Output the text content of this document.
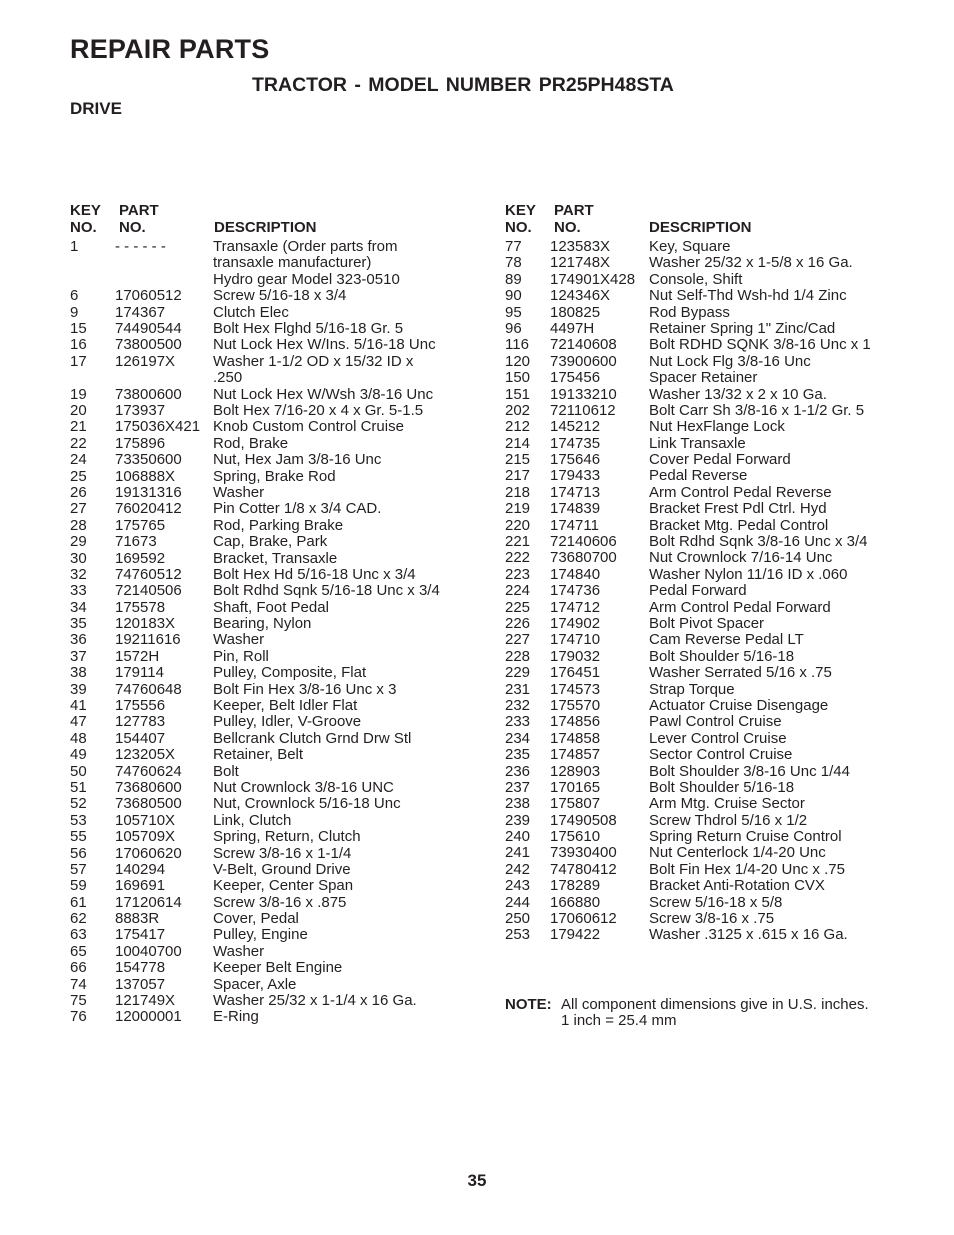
REPAIR PARTS
TRACTOR - MODEL NUMBER PR25PH48STA
DRIVE
KEY
NO.
PART
NO.	DESCRIPTION
1 - - - - - -	Transaxle (Order parts from
transaxle manufacturer)
Hydro gear Model 323-0510
6 17060512 Screw 5/16-18 x 3/4
9 174367	Clutch Elec
15 74490544 Bolt Hex Flghd 5/16-18 Gr. 5
16 73800500 Nut Lock Hex W/Ins. 5/16-18 Unc
17 126197X	Washer 1-1/2 OD x 15/32 ID x
.250
19 73800600 Nut Lock Hex W/Wsh 3/8-16 Unc
20 173937	Bolt Hex 7/16-20 x 4 x Gr. 5-1.5
21 175036X421 Knob Custom Control Cruise
22 175896	Rod, Brake
24 73350600 Nut, Hex Jam 3/8-16 Unc
25 106888X	Spring, Brake Rod
26 19131316 Washer
27 76020412 Pin Cotter 1/8 x 3/4 CAD.
28 175765	Rod, Parking Brake
29 71673	Cap, Brake, Park
30 169592	Bracket, Transaxle
32 74760512 Bolt Hex Hd 5/16-18 Unc x 3/4
33 72140506 Bolt Rdhd Sqnk 5/16-18 Unc x 3/4
34 175578	Shaft, Foot Pedal
35 120183X	Bearing, Nylon
36 19211616 Washer
37 1572H	Pin, Roll
38 179114	Pulley, Composite, Flat
39 74760648 Bolt Fin Hex 3/8-16 Unc x 3
41 175556	Keeper, Belt Idler Flat
47 127783	Pulley, Idler, V-Groove
48 154407	Bellcrank Clutch Grnd Drw Stl
49 123205X	Retainer, Belt
50 74760624 Bolt
51 73680600 Nut Crownlock 3/8-16 UNC
52 73680500 Nut, Crownlock 5/16-18 Unc
53 105710X	Link, Clutch
55 105709X	Spring, Return, Clutch
56 17060620 Screw 3/8-16 x 1-1/4
57 140294	V-Belt, Ground Drive
59 169691	Keeper, Center Span
61 17120614 Screw 3/8-16 x .875
62 8883R	Cover, Pedal
63 175417	Pulley, Engine
65 10040700 Washer
66 154778	Keeper Belt Engine
74 137057	Spacer, Axle
75 121749X	Washer 25/32 x 1-1/4 x 16 Ga.
76 12000001 E-Ring
KEY
NO.
PART
NO.	DESCRIPTION
77 123583X	Key, Square
78 121748X	Washer 25/32 x 1-5/8 x 16 Ga.
89 174901X428 Console, Shift
90 124346X	Nut Self-Thd Wsh-hd 1/4 Zinc
95 180825	Rod Bypass
96 4497H	Retainer Spring 1" Zinc/Cad
116 72140608 Bolt RDHD SQNK 3/8-16 Unc x 1
120 73900600 Nut Lock Flg 3/8-16 Unc
150 175456	Spacer Retainer
151 19133210 Washer 13/32 x 2 x 10 Ga.
202 72110612 Bolt Carr Sh 3/8-16 x 1-1/2 Gr. 5
212 145212	Nut HexFlange Lock
214 174735	Link Transaxle
215 175646	Cover Pedal Forward
217 179433	Pedal Reverse
218 174713	Arm Control Pedal Reverse
219 174839	Bracket Frest Pdl Ctrl. Hyd
220 174711	Bracket Mtg. Pedal Control
221 72140606 Bolt Rdhd Sqnk 3/8-16 Unc x 3/4
222 73680700 Nut Crownlock 7/16-14 Unc
223 174840	Washer Nylon 11/16 ID x .060
224 174736	Pedal Forward
225 174712	Arm Control Pedal Forward
226 174902	Bolt Pivot Spacer
227 174710	Cam Reverse Pedal LT
228 179032	Bolt Shoulder 5/16-18
229 176451	Washer Serrated 5/16 x .75
231 174573	Strap Torque
232 175570	Actuator Cruise Disengage
233 174856	Pawl Control Cruise
234 174858	Lever Control Cruise
235 174857	Sector Control Cruise
236 128903	Bolt Shoulder 3/8-16 Unc 1/44
237 170165	Bolt Shoulder 5/16-18
238 175807	Arm Mtg. Cruise Sector
239 17490508 Screw Thdrol 5/16 x 1/2
240 175610	Spring Return Cruise Control
241 73930400 Nut Centerlock 1/4-20 Unc
242 74780412 Bolt Fin Hex 1/4-20 Unc x .75
243 178289	Bracket Anti-Rotation CVX
244 166880	Screw 5/16-18 x 5/8
250 17060612 Screw 3/8-16 x .75
253 179422	Washer .3125 x .615 x 16 Ga.
NOTE: All component dimensions give in U.S. inches.
1 inch = 25.4 mm
35
